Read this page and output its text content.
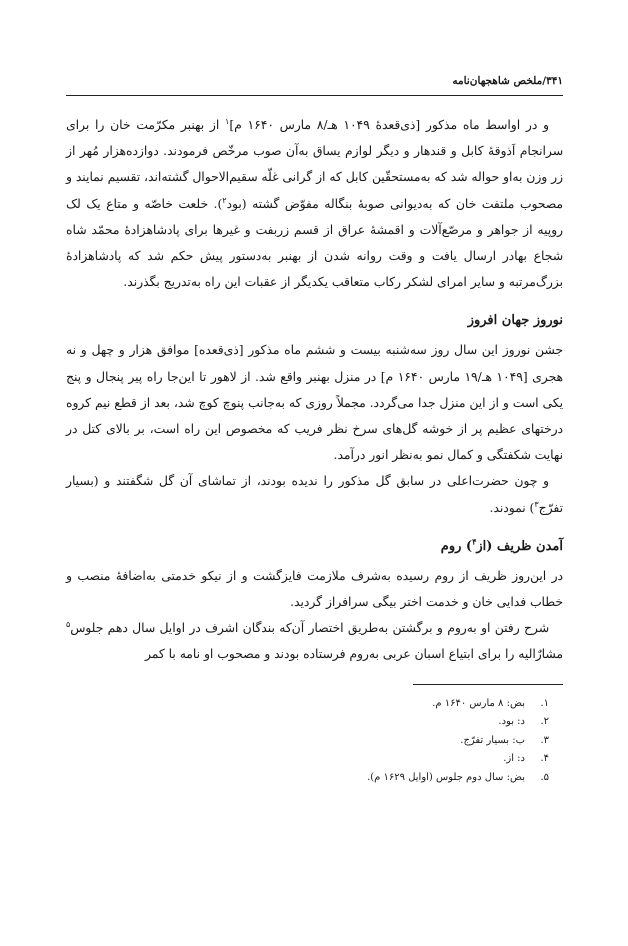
۳۴۱/ملخص شاهجهان‌نامه

و در اواسط ماه مذکور [ذی‌قعدهٔ ۱۰۴۹ هـ/۸ مارس ۱۶۴۰ م]$^۱$ از بهنبر مکرّمت خان را برای سرانجام اَذوقهٔ کابل و قندهار و دیگر لوازم یساق به‌آن صوب مرخّص فرمودند. دوازده‌هزار مُهر از زر وزن به‌او حواله شد که به‌مستحقّین کابل که از گرانی غلّه سقیم‌الاحوال گشته‌اند، تقسیم نمایند و مصحوب ملتفت خان که به‌دیوانی صوبهٔ بنگاله مفوّض گشته (بود$^۲$). خلعت خاصّه و متاع یک لک روپیه از جواهر و مرصّع‌آلات و اقمشهٔ عراق از قسم زربفت و غیرها برای پادشاهزادهٔ محمّد شاه شجاع بهادر ارسال یافت و وقت روانه شدن از بهنبر به‌دستور پیش حکم شد که پادشاهزادهٔ بزرگ‌مرتبه و سایر امرای لشکر رکاب متعاقب یکدیگر از عقبات این راه به‌تدریج بگذرند.

نوروز جهان افروز

جشن نوروز این سال روز سه‌شنبه بیست و ششم ماه مذکور [ذی‌قعده] موافق هزار و چهل و نه هجری [۱۰۴۹ هـ/۱۹ مارس ۱۶۴۰ م] در منزل بهنبر واقع شد. از لاهور تا این‌جا راه پیر پنجال و پنج یکی است و از این منزل جدا می‌گردد. مجملاً روزی که به‌جانب پنوچ کوچ شد، بعد از قطع نیم کروه درختهای عظیم پر از خوشه گل‌های سرخ نظر فریب که مخصوص این راه است، بر بالای کتل در نهایت شکفتگی و کمال نمو به‌نظر انور درآمد.

و چون حضرت‌اعلی در سابق گل مذکور را ندیده بودند، از تماشای آن گل شگفتند و (بسیار تفرّج$^۳$) نمودند.

آمدن ظریف (از$^۴$) روم

در این‌روز ظریف از روم رسیده به‌شرف ملازمت فایزگشت و از نیکو خدمتی به‌اضافهٔ منصب و خطاب فدایی خان و خدمت اختر بیگی سرافراز گردید.

شرح رفتن او به‌روم و برگشتن به‌طریق اختصار آن‌که بندگان اشرف در اوایل سال دهم جلوس$^۵$ مشارٌالیه را برای ابتیاع اسبان عربی به‌روم فرستاده بودند و مصحوب او نامه با کمر

۱.
بض: ۸ مارس ۱۶۴۰ م.
۲.
د: بود.
۳.
ب: بسیار تفرّج.
۴.
د: از.
۵.
بض: سال دوم جلوس (اوایل ۱۶۲۹ م).
